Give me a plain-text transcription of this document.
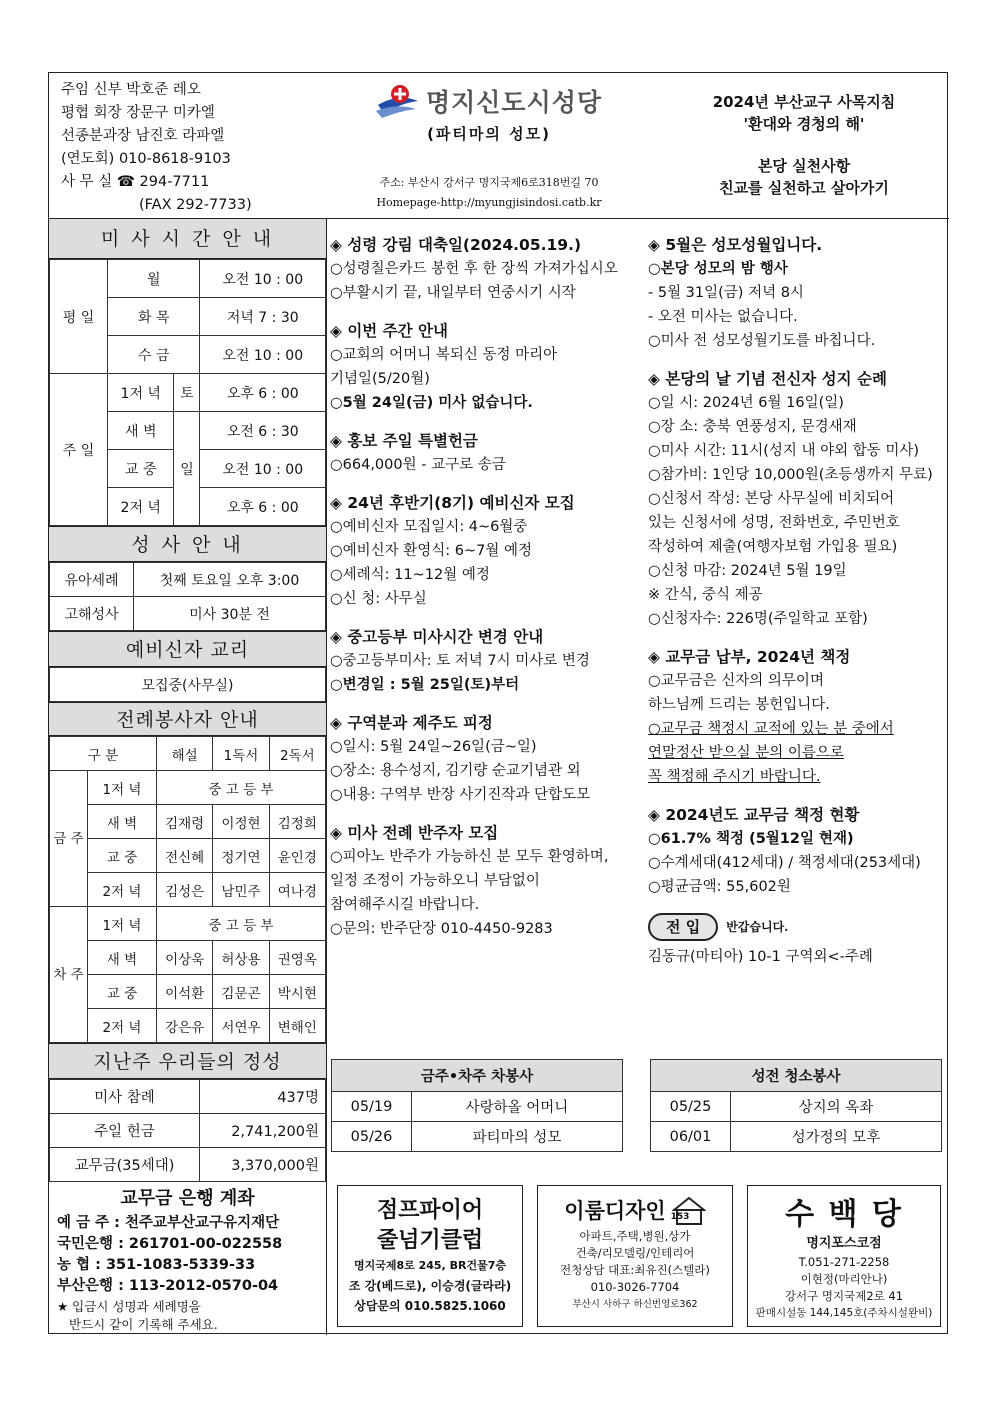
주임 신부 박호준 레오
평협 회장 장문구 미카엘
선종분과장 남진호 라파엘
(연도회) 010-8618-9103
사 무 실 ☎ 294-7711
(FAX 292-7733)
명지신도시성당
(파티마의 성모)
주소: 부산시 강서구 명지국제6로318번길 70
Homepage-http://myungjisindosi.catb.kr
2024년 부산교구 사목지침
'환대와 경청의 해'
본당 실천사항
친교를 실천하고 살아가기
미 사 시 간 안 내
평 일	월		오전 10 : 00
	화 목		저녁 7 : 30
	수 금		오전 10 : 00
주 일	1저 녁	토	오후 6 : 00
	새 벽	일	오전 6 : 30
	교 중		오전 10 : 00
	2저 녁		오후 6 : 00
성 사 안 내
유아세례	첫째 토요일 오후 3:00
고해성사	미사 30분 전
예비신자 교리
모집중(사무실)
전례봉사자 안내
구 분		해설	1독서	2독서
금 주	1저 녁	중 고 등 부		
	새 벽	김재령	이정현	김정희
	교 중	전신혜	정기연	윤인경
	2저 녁	김성은	남민주	여나경
차 주	1저 녁	중 고 등 부		
	새 벽	이상욱	허상용	권영옥
	교 중	이석환	김문곤	박시현
	2저 녁	강은유	서연우	변해인
지난주 우리들의 정성
미사 참례	437명
주일 헌금	2,741,200원
교무금(35세대)	3,370,000원
교무금 은행 계좌
예 금 주 : 천주교부산교구유지재단
국민은행 : 261701-00-022558
농 협 : 351-1083-5339-33
부산은행 : 113-2012-0570-04
★ 입금시 성명과 세례명을
반드시 같이 기록해 주세요.
◈ 성령 강림 대축일(2024.05.19.)
○성령칠은카드 봉헌 후 한 장씩 가져가십시오
○부활시기 끝, 내일부터 연중시기 시작
◈ 이번 주간 안내
○교회의 어머니 복되신 동정 마리아
기념일(5/20월)
○5월 24일(금) 미사 없습니다.
◈ 홍보 주일 특별헌금
○664,000원 - 교구로 송금
◈ 24년 후반기(8기) 예비신자 모집
○예비신자 모집일시: 4~6월중
○예비신자 환영식: 6~7월 예정
○세례식: 11~12월 예정
○신 청: 사무실
◈ 중고등부 미사시간 변경 안내
○중고등부미사: 토 저녁 7시 미사로 변경
○변경일 : 5월 25일(토)부터
◈ 구역분과 제주도 피정
○일시: 5월 24일~26일(금~일)
○장소: 용수성지, 김기량 순교기념관 외
○내용: 구역부 반장 사기진작과 단합도모
◈ 미사 전례 반주자 모집
○피아노 반주가 가능하신 분 모두 환영하며,
일정 조정이 가능하오니 부담없이
참여해주시길 바랍니다.
○문의: 반주단장 010-4450-9283
◈ 5월은 성모성월입니다.
○본당 성모의 밤 행사
- 5월 31일(금) 저녁 8시
- 오전 미사는 없습니다.
○미사 전 성모성월기도를 바칩니다.
◈ 본당의 날 기념 전신자 성지 순례
○일 시: 2024년 6월 16일(일)
○장 소: 충북 연풍성지, 문경새재
○미사 시간: 11시(성지 내 야외 합동 미사)
○참가비: 1인당 10,000원(초등생까지 무료)
○신청서 작성: 본당 사무실에 비치되어
있는 신청서에 성명, 전화번호, 주민번호
작성하여 제출(여행자보험 가입용 필요)
○신청 마감: 2024년 5월 19일
※ 간식, 중식 제공
○신청자수: 226명(주일학교 포함)
◈ 교무금 납부, 2024년 책정
○교무금은 신자의 의무이며
하느님께 드리는 봉헌입니다.
○교무금 책정시 교적에 있는 분 중에서
연말정산 받으실 분의 이름으로
꼭 책정해 주시기 바랍니다.
◈ 2024년도 교무금 책정 현황
○61.7% 책정 (5월12일 현재)
○수계세대(412세대) / 책정세대(253세대)
○평균금액: 55,602원
전 입	반갑습니다.
김동규(마티아) 10-1 구역외<-주례
금주•차주 차봉사	
05/19	사랑하올 어머니
05/26	파티마의 성모
성전 청소봉사	
05/25	상지의 옥좌
06/01	성가정의 모후
점프파이어
줄넘기클럽
명지국제8로 245, BR건물7층
조 강(베드로), 이승경(글라라)
상담문의 010.5825.1060
이룸디자인 153
아파트,주택,병원,상가
건축/리모델링/인테리어
전청상담 대표:최유진(스텔라)
010-3026-7704
부산시 사하구 하신번영로362
수 백 당
명지포스코점
T.051-271-2258
이현정(마리안나)
강서구 명지국제2로 41
판매시설동 144,145호(주차시설완비)
